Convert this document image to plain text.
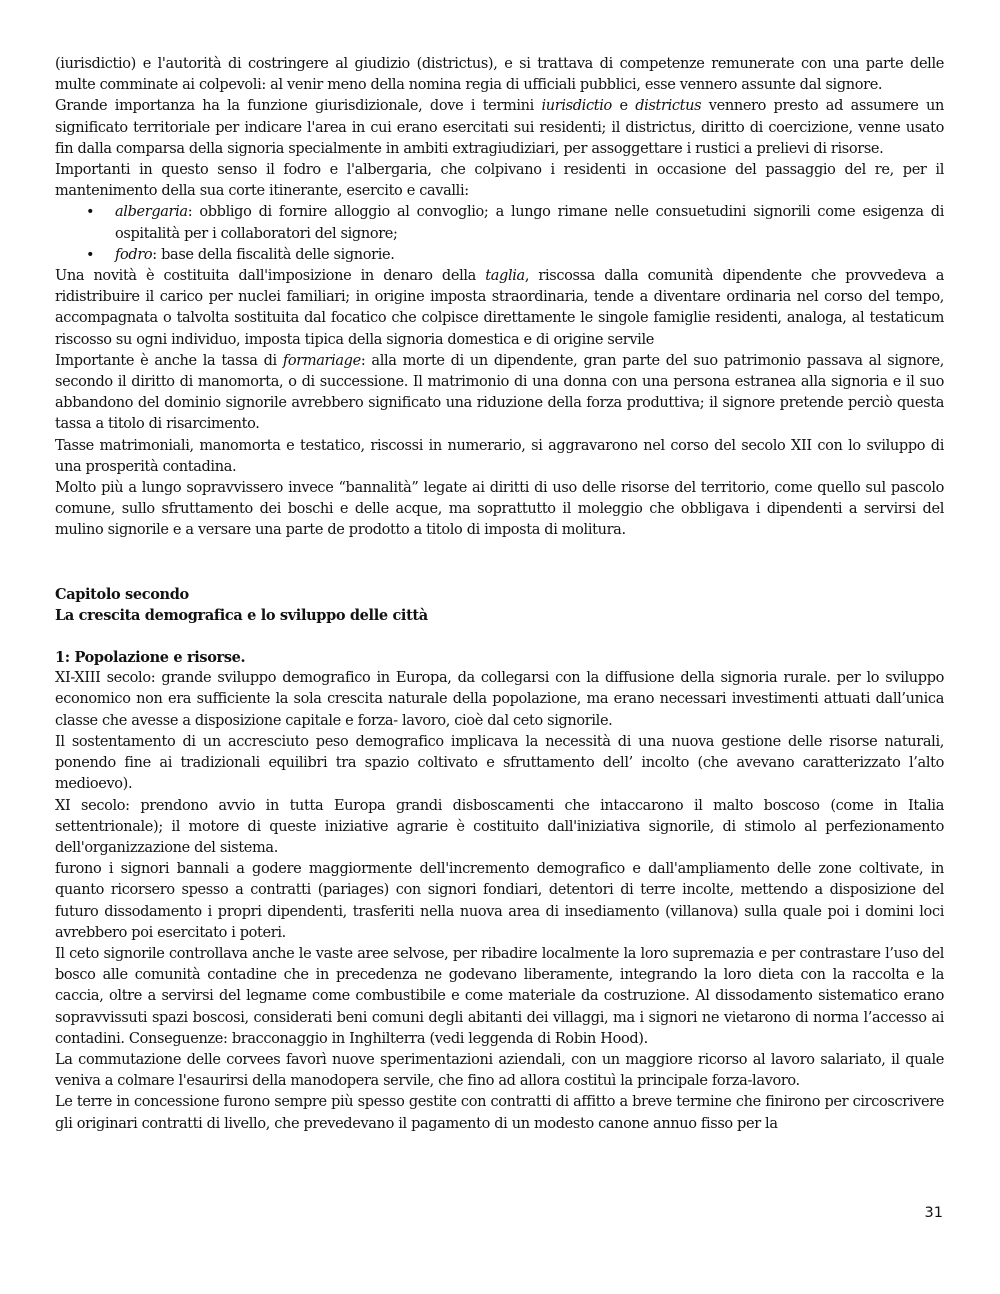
(iurisdictio) e l'autorità di costringere al giudizio (districtus), e si trattava di competenze remunerate con una parte delle multe comminate ai colpevoli: al venir meno della nomina regia di ufficiali pubblici, esse vennero assunte dal signore.

Grande importanza ha la funzione giurisdizionale, dove i termini iurisdictio e districtus vennero presto ad assumere un significato territoriale per indicare l'area in cui erano esercitati sui residenti; il districtus, diritto di coercizione, venne usato fin dalla comparsa della signoria specialmente in ambiti extragiudiziari, per assoggettare i rustici a prelievi di risorse.

Importanti in questo senso il fodro e l'albergaria, che colpivano i residenti in occasione del passaggio del re, per il mantenimento della sua corte itinerante, esercito e cavalli:

• albergaria: obbligo di fornire alloggio al convoglio; a lungo rimane nelle consuetudini signorili come esigenza di ospitalità per i collaboratori del signore;
• fodro: base della fiscalità delle signorie.

Una novità è costituita dall'imposizione in denaro della taglia, riscossa dalla comunità dipendente che provvedeva a ridistribuire il carico per nuclei familiari; in origine imposta straordinaria, tende a diventare ordinaria nel corso del tempo, accompagnata o talvolta sostituita dal focatico che colpisce direttamente le singole famiglie residenti, analoga, al testaticum riscosso su ogni individuo, imposta tipica della signoria domestica e di origine servile

Importante è anche la tassa di formariage: alla morte di un dipendente, gran parte del suo patrimonio passava al signore, secondo il diritto di manomorta, o di successione. Il matrimonio di una donna con una persona estranea alla signoria e il suo abbandono del dominio signorile avrebbero significato una riduzione della forza produttiva; il signore pretende perciò questa tassa a titolo di risarcimento.

Tasse matrimoniali, manomorta e testatico, riscossi in numerario, si aggravarono nel corso del secolo XII con lo sviluppo di una prosperità contadina.

Molto più a lungo sopravvissero invece “bannalità” legate ai diritti di uso delle risorse del territorio, come quello sul pascolo comune, sullo sfruttamento dei boschi e delle acque, ma soprattutto il moleggio che obbligava i dipendenti a servirsi del mulino signorile e a versare una parte de prodotto a titolo di imposta di molitura.

Capitolo secondo

La crescita demografica e lo sviluppo delle città

1: Popolazione e risorse.

XI-XIII secolo: grande sviluppo demografico in Europa, da collegarsi con la diffusione della signoria rurale. per lo sviluppo economico non era sufficiente la sola crescita naturale della popolazione, ma erano necessari investimenti attuati dall’unica classe che avesse a disposizione capitale e forza- lavoro, cioè dal ceto signorile.

Il sostentamento di un accresciuto peso demografico implicava la necessità di una nuova gestione delle risorse naturali, ponendo fine ai tradizionali equilibri tra spazio coltivato e sfruttamento dell’ incolto (che avevano caratterizzato l’alto medioevo).

XI secolo: prendono avvio in tutta Europa grandi disboscamenti che intaccarono il malto boscoso (come in Italia settentrionale); il motore di queste iniziative agrarie è costituito dall'iniziativa signorile, di stimolo al perfezionamento dell'organizzazione del sistema.

furono i signori bannali a godere maggiormente dell'incremento demografico e dall'ampliamento delle zone coltivate, in quanto ricorsero spesso a contratti (pariages) con signori fondiari, detentori di terre incolte, mettendo a disposizione del futuro dissodamento i propri dipendenti, trasferiti nella nuova area di insediamento (villanova) sulla quale poi i domini loci avrebbero poi esercitato i poteri.

Il ceto signorile controllava anche le vaste aree selvose, per ribadire localmente la loro supremazia e per contrastare l’uso del bosco alle comunità contadine che in precedenza ne godevano liberamente, integrando la loro dieta con la raccolta e la caccia, oltre a servirsi del legname come combustibile e come materiale da costruzione. Al dissodamento sistematico erano sopravvissuti spazi boscosi, considerati beni comuni degli abitanti dei villaggi, ma i signori ne vietarono di norma l’accesso ai contadini. Conseguenze: bracconaggio in Inghilterra (vedi leggenda di Robin Hood).

La commutazione delle corvees favorì nuove sperimentazioni aziendali, con un maggiore ricorso al lavoro salariato, il quale veniva a colmare l'esaurirsi della manodopera servile, che fino ad allora costituì la principale forza-lavoro.

Le terre in concessione furono sempre più spesso gestite con contratti di affitto a breve termine che finirono per circoscrivere gli originari contratti di livello, che prevedevano il pagamento di un modesto canone annuo fisso per la

31
